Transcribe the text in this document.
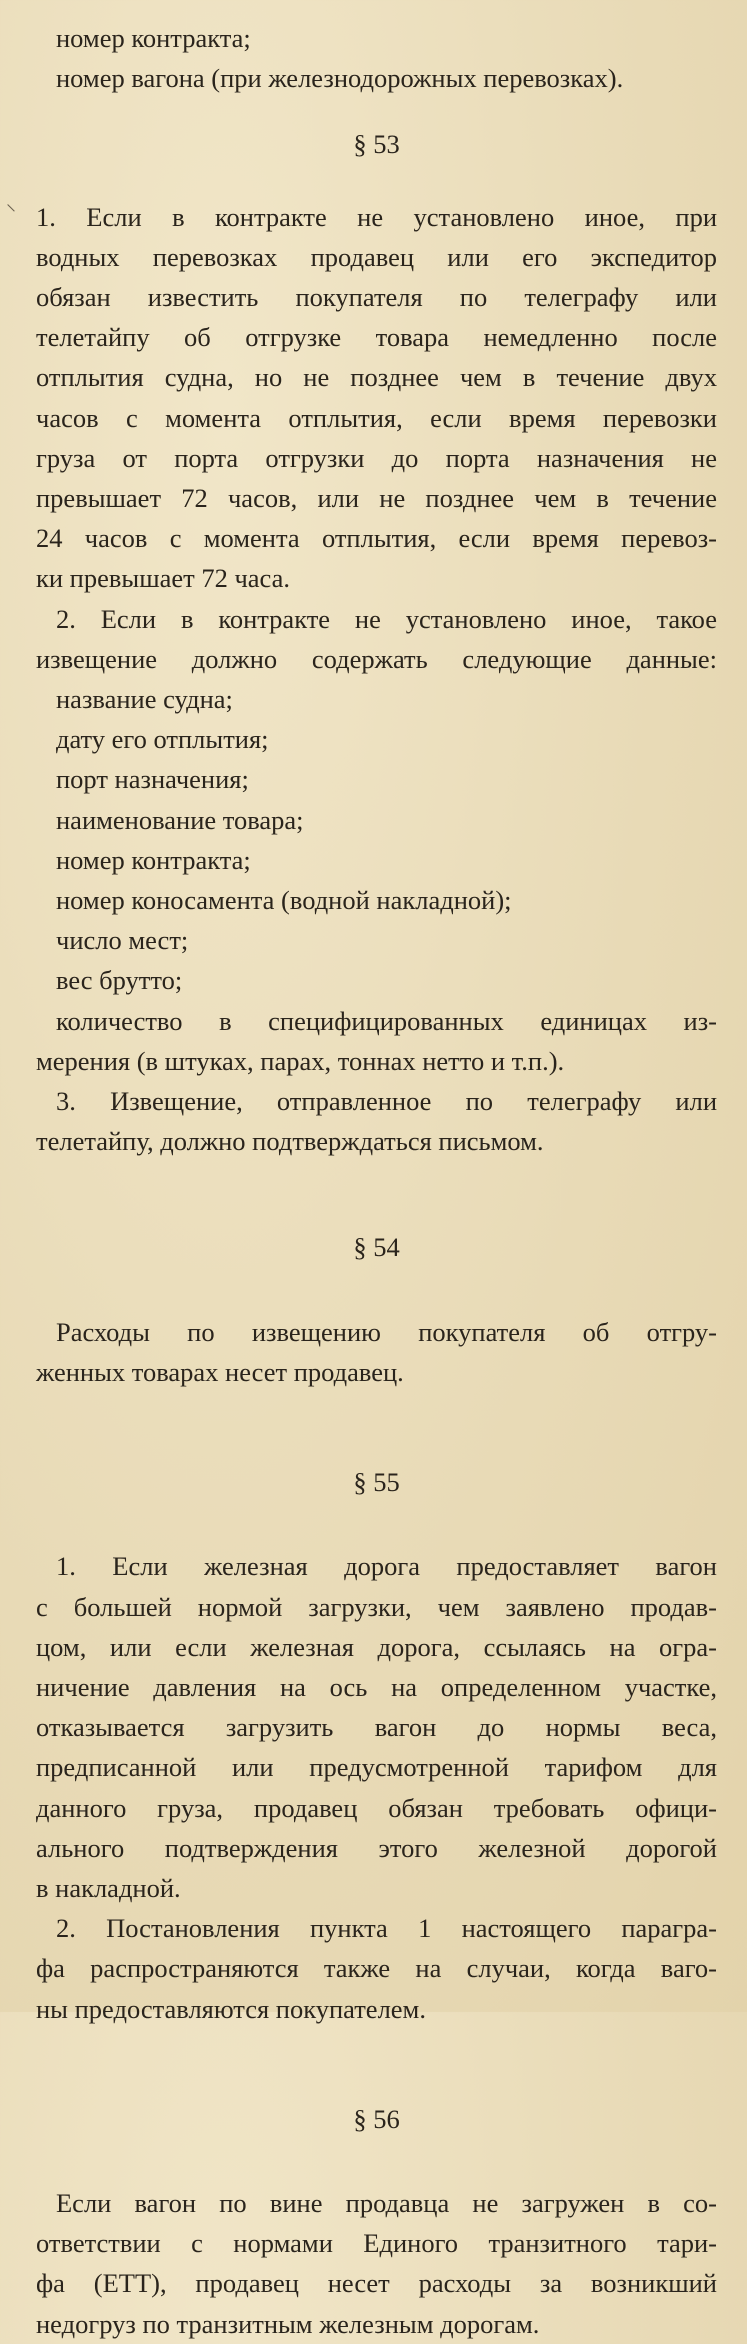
⸜
номер контракта;
номер вагона (при железнодорожных перевозках).
§ 53
1. Если в контракте не установлено иное, при
водных перевозках продавец или его экспедитор
обязан известить покупателя по телеграфу или
телетайпу об отгрузке товара немедленно после
отплытия судна, но не позднее чем в течение двух
часов с момента отплытия, если время перевозки
груза от порта отгрузки до порта назначения не
превышает 72 часов, или не позднее чем в течение
24 часов с момента отплытия, если время перевоз-
ки превышает 72 часа.
2. Если в контракте не установлено иное, такое
извещение должно содержать следующие данные:
название судна;
дату его отплытия;
порт назначения;
наименование товара;
номер контракта;
номер коносамента (водной накладной);
число мест;
вес брутто;
количество в специфицированных единицах из-
мерения (в штуках, парах, тоннах нетто и т.п.).
3. Извещение, отправленное по телеграфу или
телетайпу, должно подтверждаться письмом.
§ 54
Расходы по извещению покупателя об отгру-
женных товарах несет продавец.
§ 55
1. Если железная дорога предоставляет вагон
с большей нормой загрузки, чем заявлено продав-
цом, или если железная дорога, ссылаясь на огра-
ничение давления на ось на определенном участке,
отказывается загрузить вагон до нормы веса,
предписанной или предусмотренной тарифом для
данного груза, продавец обязан требовать офици-
ального подтверждения этого железной дорогой
в накладной.
2. Постановления пункта 1 настоящего парагра-
фа распространяются также на случаи, когда ваго-
ны предоставляются покупателем.
§ 56
Если вагон по вине продавца не загружен в со-
ответствии с нормами Единого транзитного тари-
фа (ЕТТ), продавец несет расходы за возникший
недогруз по транзитным железным дорогам.
